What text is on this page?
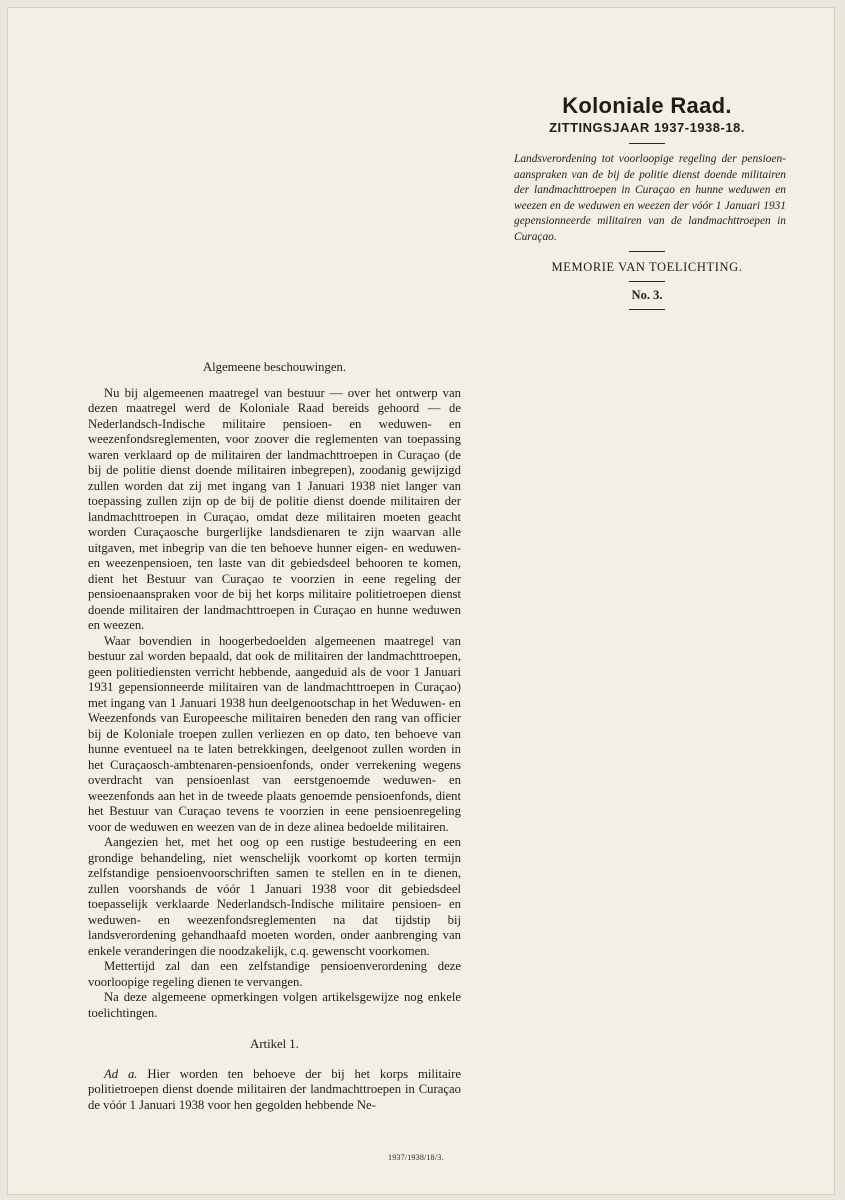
Koloniale Raad.

ZITTINGSJAAR 1937-1938-18.

Landsverordening tot voorloopige regeling der pensioen-aanspraken van de bij de politie dienst doende militairen der landmachttroepen in Curaçao en hunne weduwen en weezen en de weduwen en weezen der vóór 1 Januari 1931 gepensionneerde militairen van de landmachttroepen in Curaçao.

MEMORIE VAN TOELICHTING.

No. 3.

Algemeene beschouwingen.

Nu bij algemeenen maatregel van bestuur — over het ontwerp van dezen maatregel werd de Koloniale Raad bereids gehoord — de Nederlandsch-Indische militaire pensioen- en weduwen- en weezenfondsreglementen, voor zoover die reglementen van toepassing waren verklaard op de militairen der landmachttroepen in Curaçao (de bij de politie dienst doende militairen inbegrepen), zoodanig gewijzigd zullen worden dat zij met ingang van 1 Januari 1938 niet langer van toepassing zullen zijn op de bij de politie dienst doende militairen der landmachttroepen in Curaçao, omdat deze militairen moeten geacht worden Curaçaosche burgerlijke landsdienaren te zijn waarvan alle uitgaven, met inbegrip van die ten behoeve hunner eigen- en weduwen- en weezenpensioen, ten laste van dit gebiedsdeel behooren te komen, dient het Bestuur van Curaçao te voorzien in eene regeling der pensioenaanspraken voor de bij het korps militaire politietroepen dienst doende militairen der landmachttroepen in Curaçao en hunne weduwen en weezen.

Waar bovendien in hoogerbedoelden algemeenen maatregel van bestuur zal worden bepaald, dat ook de militairen der landmachttroepen, geen politiediensten verricht hebbende, aangeduid als de voor 1 Januari 1931 gepensionneerde militairen van de landmachttroepen in Curaçao) met ingang van 1 Januari 1938 hun deelgenootschap in het Weduwen- en Weezenfonds van Europeesche militairen beneden den rang van officier bij de Koloniale troepen zullen verliezen en op dato, ten behoeve van hunne eventueel na te laten betrekkingen, deelgenoot zullen worden in het Curaçaosch-ambtenaren-pensioenfonds, onder verrekening wegens overdracht van pensioenlast van eerstgenoemde weduwen- en weezenfonds aan het in de tweede plaats genoemde pensioenfonds, dient het Bestuur van Curaçao tevens te voorzien in eene pensioenregeling voor de weduwen en weezen van de in deze alinea bedoelde militairen.

Aangezien het, met het oog op een rustige bestudeering en een grondige behandeling, niet wenschelijk voorkomt op korten termijn zelfstandige pensioenvoorschriften samen te stellen en in te dienen, zullen voorshands de vóór 1 Januari 1938 voor dit gebiedsdeel toepasselijk verklaarde Nederlandsch-Indische militaire pensioen- en weduwen- en weezenfondsreglementen na dat tijdstip bij landsverordening gehandhaafd moeten worden, onder aanbrenging van enkele veranderingen die noodzakelijk, c.q. gewenscht voorkomen.

Mettertijd zal dan een zelfstandige pensioenverordening deze voorloopige regeling dienen te vervangen.

Na deze algemeene opmerkingen volgen artikelsgewijze nog enkele toelichtingen.

Artikel 1.

Ad a. Hier worden ten behoeve der bij het korps militaire politietroepen dienst doende militairen der landmachttroepen in Curaçao de vóór 1 Januari 1938 voor hen gegolden hebbende Ne-

1937/1938/18/3.
